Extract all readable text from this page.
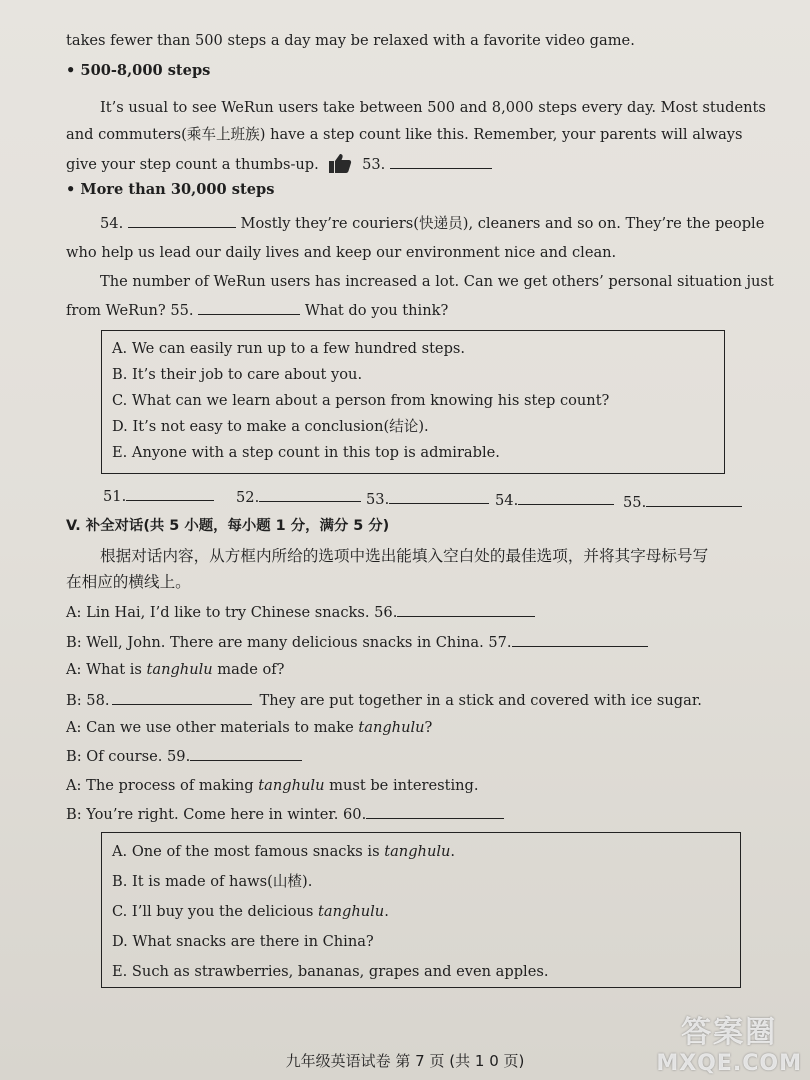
takes fewer than 500 steps a day may be relaxed with a favorite video game.
• 500-8,000 steps
It’s usual to see WeRun users take between 500 and 8,000 steps every day. Most students
and commuters(乘车上班族) have a step count like this. Remember, your parents will always
give your step count a thumbs-up.	53.
• More than 30,000 steps
54.	Mostly they’re couriers(快递员), cleaners and so on. They’re the people
who help us lead our daily lives and keep our environment nice and clean.
The number of WeRun users has increased a lot. Can we get others’ personal situation just
from WeRun? 55.	What do you think?
A. We can easily run up to a few hundred steps.
B. It’s their job to care about you.
C. What can we learn about a person from knowing his step count?
D. It’s not easy to make a conclusion(结论).
E. Anyone with a step count in this top is admirable.
51.	52.	53.	54.	55.
V. 补全对话(共 5 小题，每小题 1 分，满分 5 分)
根据对话内容，从方框内所给的选项中选出能填入空白处的最佳选项，并将其字母标号写
在相应的横线上。
A: Lin Hai, I’d like to try Chinese snacks. 56.
B: Well, John. There are many delicious snacks in China. 57.
A: What is tanghulu made of?
B: 58.	They are put together in a stick and covered with ice sugar.
A: Can we use other materials to make tanghulu?
B: Of course. 59.
A: The process of making tanghulu must be interesting.
B: You’re right. Come here in winter. 60.
A. One of the most famous snacks is tanghulu.
B. It is made of haws(山楂).
C. I’ll buy you the delicious tanghulu.
D. What snacks are there in China?
E. Such as strawberries, bananas, grapes and even apples.
九年级英语试卷 第 7 页 (共 1 0 页)
答案圈
MXQE.COM
